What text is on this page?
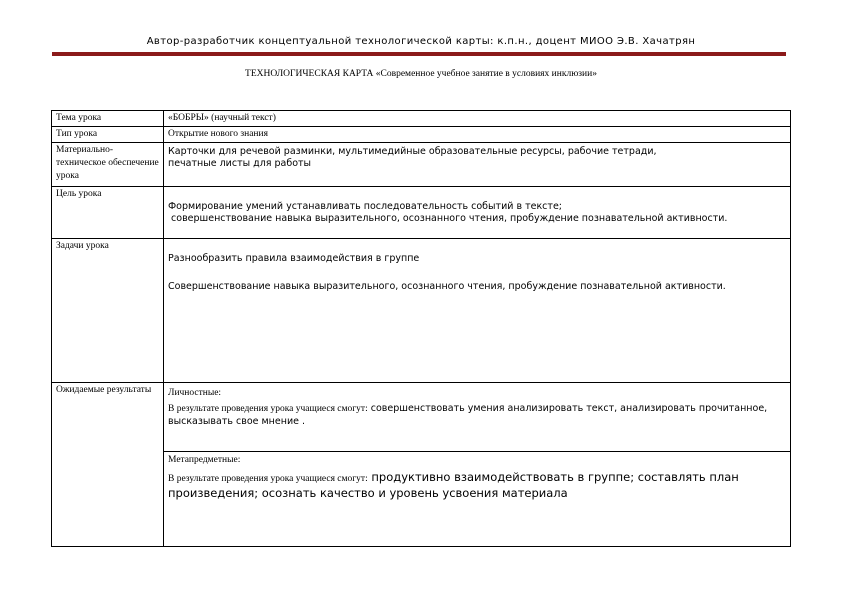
Автор-разработчик концептуальной технологической карты: к.п.н., доцент МИОО Э.В. Хачатрян
ТЕХНОЛОГИЧЕСКАЯ КАРТА «Современное учебное занятие в условиях инклюзии»
Тема урока	«БОБРЫ» (научный текст)
Тип урока	Открытие нового знания
Материально-техническое обеспечение урока	Карточки для речевой разминки, мультимедийные образовательные ресурсы, рабочие тетради, печатные листы для работы
Цель урока	Формирование умений устанавливать последовательность событий в тексте;

совершенствование навыка выразительного, осознанного чтения, пробуждение познавательной активности.

Задачи урока	Разнообразить правила взаимодействия в группе

Совершенствование навыка выразительного, осознанного чтения, пробуждение познавательной активности.

Ожидаемые результаты	Личностные:

В результате проведения урока учащиеся смогут: совершенствовать умения анализировать текст, анализировать прочитанное, высказывать свое мнение .

Метапредметные:

В результате проведения урока учащиеся смогут: продуктивно взаимодействовать в группе; составлять план произведения; осознать качество и уровень усвоения материала
